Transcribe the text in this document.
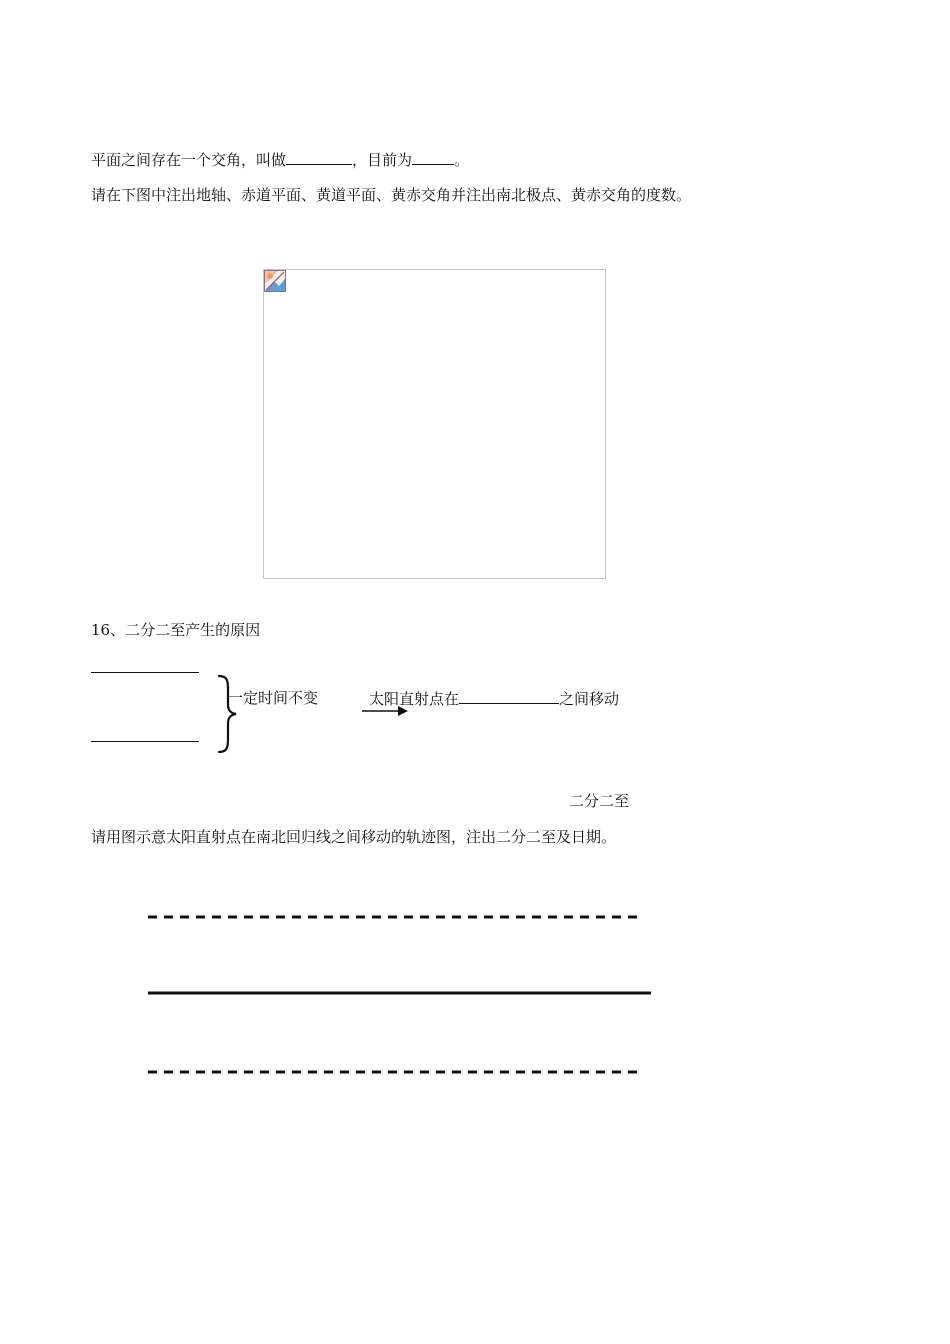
平面之间存在一个交角，叫做	，目前为	。
请在下图中注出地轴、赤道平面、黄道平面、黄赤交角并注出南北极点、黄赤交角的度数。
16、二分二至产生的原因
一定时间不变	太阳直射点在	之间移动
二分二至
请用图示意太阳直射点在南北回归线之间移动的轨迹图，注出二分二至及日期。
